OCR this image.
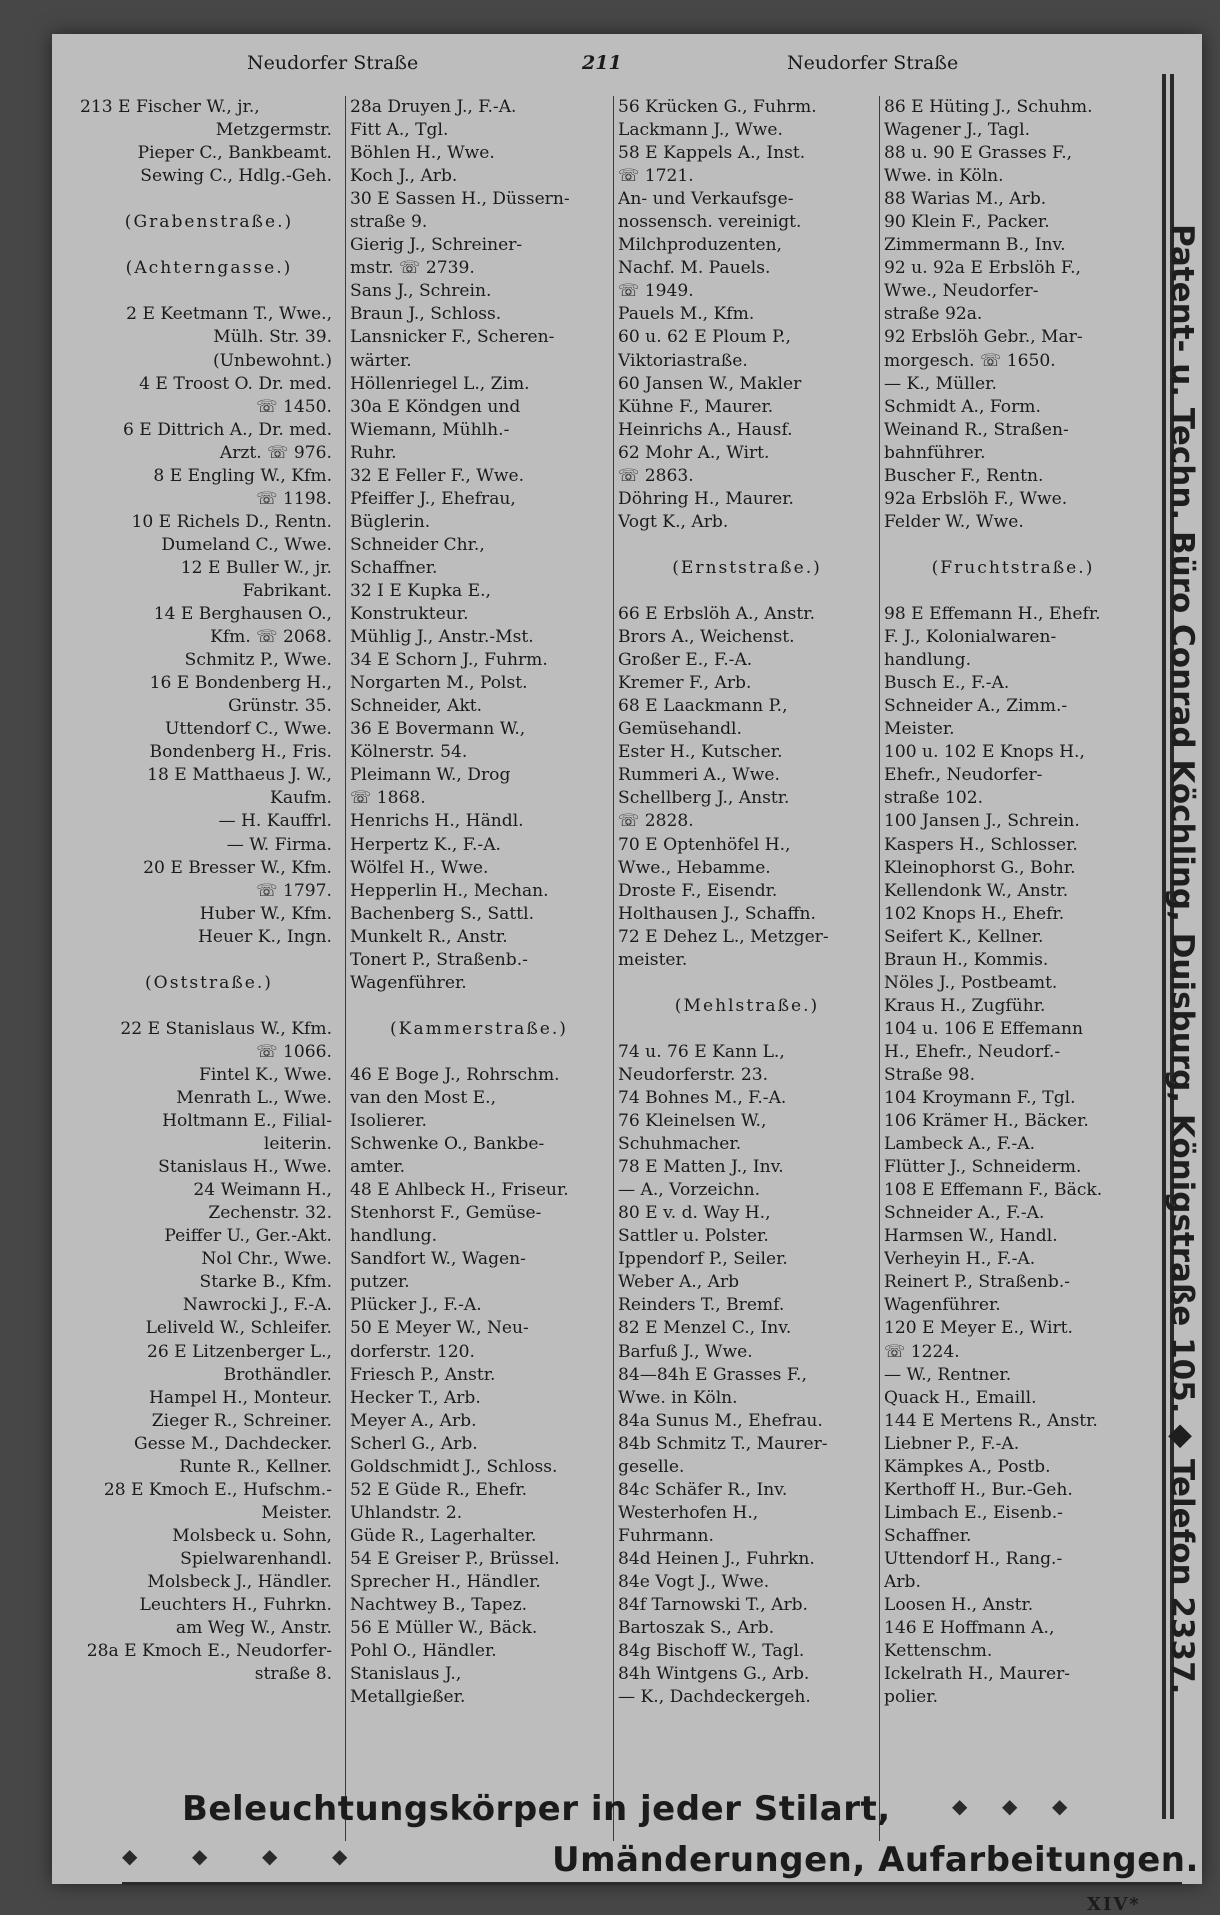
Neudorfer Straße	211	Neudorfer Straße
213 E Fischer W., jr.,
Metzgermstr.
Pieper C., Bankbeamt.
Sewing C., Hdlg.-Geh.

(Grabenstraße.)

(Achterngasse.)

2 E Keetmann T., Wwe.,
Mülh. Str. 39.
(Unbewohnt.)
4 E Troost O. Dr. med.
☏ 1450.
6 E Dittrich A., Dr. med.
Arzt. ☏ 976.
8 E Engling W., Kfm.
☏ 1198.
10 E Richels D., Rentn.
Dumeland C., Wwe.
12 E Buller W., jr.
Fabrikant.
14 E Berghausen O.,
Kfm. ☏ 2068.
Schmitz P., Wwe.
16 E Bondenberg H.,
Grünstr. 35.
Uttendorf C., Wwe.
Bondenberg H., Fris.
18 E Matthaeus J. W.,
Kaufm.
— H. Kauffrl.
— W. Firma.
20 E Bresser W., Kfm.
☏ 1797.
Huber W., Kfm.
Heuer K., Ingn.

(Oststraße.)

22 E Stanislaus W., Kfm.
☏ 1066.
Fintel K., Wwe.
Menrath L., Wwe.
Holtmann E., Filial-
leiterin.
Stanislaus H., Wwe.
24 Weimann H.,
Zechenstr. 32.
Peiffer U., Ger.-Akt.
Nol Chr., Wwe.
Starke B., Kfm.
Nawrocki J., F.-A.
Leliveld W., Schleifer.
26 E Litzenberger L.,
Brothändler.
Hampel H., Monteur.
Zieger R., Schreiner.
Gesse M., Dachdecker.
Runte R., Kellner.
28 E Kmoch E., Hufschm.-
Meister.
Molsbeck u. Sohn,
Spielwarenhandl.
Molsbeck J., Händler.
Leuchters H., Fuhrkn.
am Weg W., Anstr.
28a E Kmoch E., Neudorfer-
straße 8.
28a Druyen J., F.-A.
Fitt A., Tgl.
Böhlen H., Wwe.
Koch J., Arb.
30 E Sassen H., Düssern-
straße 9.
Gierig J., Schreiner-
mstr. ☏ 2739.
Sans J., Schrein.
Braun J., Schloss.
Lansnicker F., Scheren-
wärter.
Höllenriegel L., Zim.
30a E Köndgen und
Wiemann, Mühlh.-
Ruhr.
32 E Feller F., Wwe.
Pfeiffer J., Ehefrau,
Büglerin.
Schneider Chr.,
Schaffner.
32 I E Kupka E.,
Konstrukteur.
Mühlig J., Anstr.-Mst.
34 E Schorn J., Fuhrm.
Norgarten M., Polst.
Schneider, Akt.
36 E Bovermann W.,
Kölnerstr. 54.
Pleimann W., Drog
☏ 1868.
Henrichs H., Händl.
Herpertz K., F.-A.
Wölfel H., Wwe.
Hepperlin H., Mechan.
Bachenberg S., Sattl.
Munkelt R., Anstr.
Tonert P., Straßenb.-
Wagenführer.

(Kammerstraße.)

46 E Boge J., Rohrschm.
van den Most E.,
Isolierer.
Schwenke O., Bankbe-
amter.
48 E Ahlbeck H., Friseur.
Stenhorst F., Gemüse-
handlung.
Sandfort W., Wagen-
putzer.
Plücker J., F.-A.
50 E Meyer W., Neu-
dorferstr. 120.
Friesch P., Anstr.
Hecker T., Arb.
Meyer A., Arb.
Scherl G., Arb.
Goldschmidt J., Schloss.
52 E Güde R., Ehefr.
Uhlandstr. 2.
Güde R., Lagerhalter.
54 E Greiser P., Brüssel.
Sprecher H., Händler.
Nachtwey B., Tapez.
56 E Müller W., Bäck.
Pohl O., Händler.
Stanislaus J.,
Metallgießer.
56 Krücken G., Fuhrm.
Lackmann J., Wwe.
58 E Kappels A., Inst.
☏ 1721.
An- und Verkaufsge-
nossensch. vereinigt.
Milchproduzenten,
Nachf. M. Pauels.
☏ 1949.
Pauels M., Kfm.
60 u. 62 E Ploum P.,
Viktoriastraße.
60 Jansen W., Makler
Kühne F., Maurer.
Heinrichs A., Hausf.
62 Mohr A., Wirt.
☏ 2863.
Döhring H., Maurer.
Vogt K., Arb.

(Ernststraße.)

66 E Erbslöh A., Anstr.
Brors A., Weichenst.
Großer E., F.-A.
Kremer F., Arb.
68 E Laackmann P.,
Gemüsehandl.
Ester H., Kutscher.
Rummeri A., Wwe.
Schellberg J., Anstr.
☏ 2828.
70 E Optenhöfel H.,
Wwe., Hebamme.
Droste F., Eisendr.
Holthausen J., Schaffn.
72 E Dehez L., Metzger-
meister.

(Mehlstraße.)

74 u. 76 E Kann L.,
Neudorferstr. 23.
74 Bohnes M., F.-A.
76 Kleinelsen W.,
Schuhmacher.
78 E Matten J., Inv.
— A., Vorzeichn.
80 E v. d. Way H.,
Sattler u. Polster.
Ippendorf P., Seiler.
Weber A., Arb
Reinders T., Bremf.
82 E Menzel C., Inv.
Barfuß J., Wwe.
84—84h E Grasses F.,
Wwe. in Köln.
84a Sunus M., Ehefrau.
84b Schmitz T., Maurer-
geselle.
84c Schäfer R., Inv.
Westerhofen H.,
Fuhrmann.
84d Heinen J., Fuhrkn.
84e Vogt J., Wwe.
84f Tarnowski T., Arb.
Bartoszak S., Arb.
84g Bischoff W., Tagl.
84h Wintgens G., Arb.
— K., Dachdeckergeh.
86 E Hüting J., Schuhm.
Wagener J., Tagl.
88 u. 90 E Grasses F.,
Wwe. in Köln.
88 Warias M., Arb.
90 Klein F., Packer.
Zimmermann B., Inv.
92 u. 92a E Erbslöh F.,
Wwe., Neudorfer-
straße 92a.
92 Erbslöh Gebr., Mar-
morgesch. ☏ 1650.
— K., Müller.
Schmidt A., Form.
Weinand R., Straßen-
bahnführer.
Buscher F., Rentn.
92a Erbslöh F., Wwe.
Felder W., Wwe.

(Fruchtstraße.)

98 E Effemann H., Ehefr.
F. J., Kolonialwaren-
handlung.
Busch E., F.-A.
Schneider A., Zimm.-
Meister.
100 u. 102 E Knops H.,
Ehefr., Neudorfer-
straße 102.
100 Jansen J., Schrein.
Kaspers H., Schlosser.
Kleinophorst G., Bohr.
Kellendonk W., Anstr.
102 Knops H., Ehefr.
Seifert K., Kellner.
Braun H., Kommis.
Nöles J., Postbeamt.
Kraus H., Zugführ.
104 u. 106 E Effemann
H., Ehefr., Neudorf.-
Straße 98.
104 Kroymann F., Tgl.
106 Krämer H., Bäcker.
Lambeck A., F.-A.
Flütter J., Schneiderm.
108 E Effemann F., Bäck.
Schneider A., F.-A.
Harmsen W., Handl.
Verheyin H., F.-A.
Reinert P., Straßenb.-
Wagenführer.
120 E Meyer E., Wirt.
☏ 1224.
— W., Rentner.
Quack H., Emaill.
144 E Mertens R., Anstr.
Liebner P., F.-A.
Kämpkes A., Postb.
Kerthoff H., Bur.-Geh.
Limbach E., Eisenb.-
Schaffner.
Uttendorf H., Rang.-
Arb.
Loosen H., Anstr.
146 E Hoffmann A.,
Kettenschm.
Ickelrath H., Maurer-
polier.
Patent- u. Techn. Büro Conrad Köchling, Duisburg, Königstraße 105. ◆ Telefon 2337.
Beleuchtungskörper in jeder Stilart,	◆ ◆ ◆
◆	◆	◆	◆	Umänderungen, Aufarbeitungen.
XIV*
